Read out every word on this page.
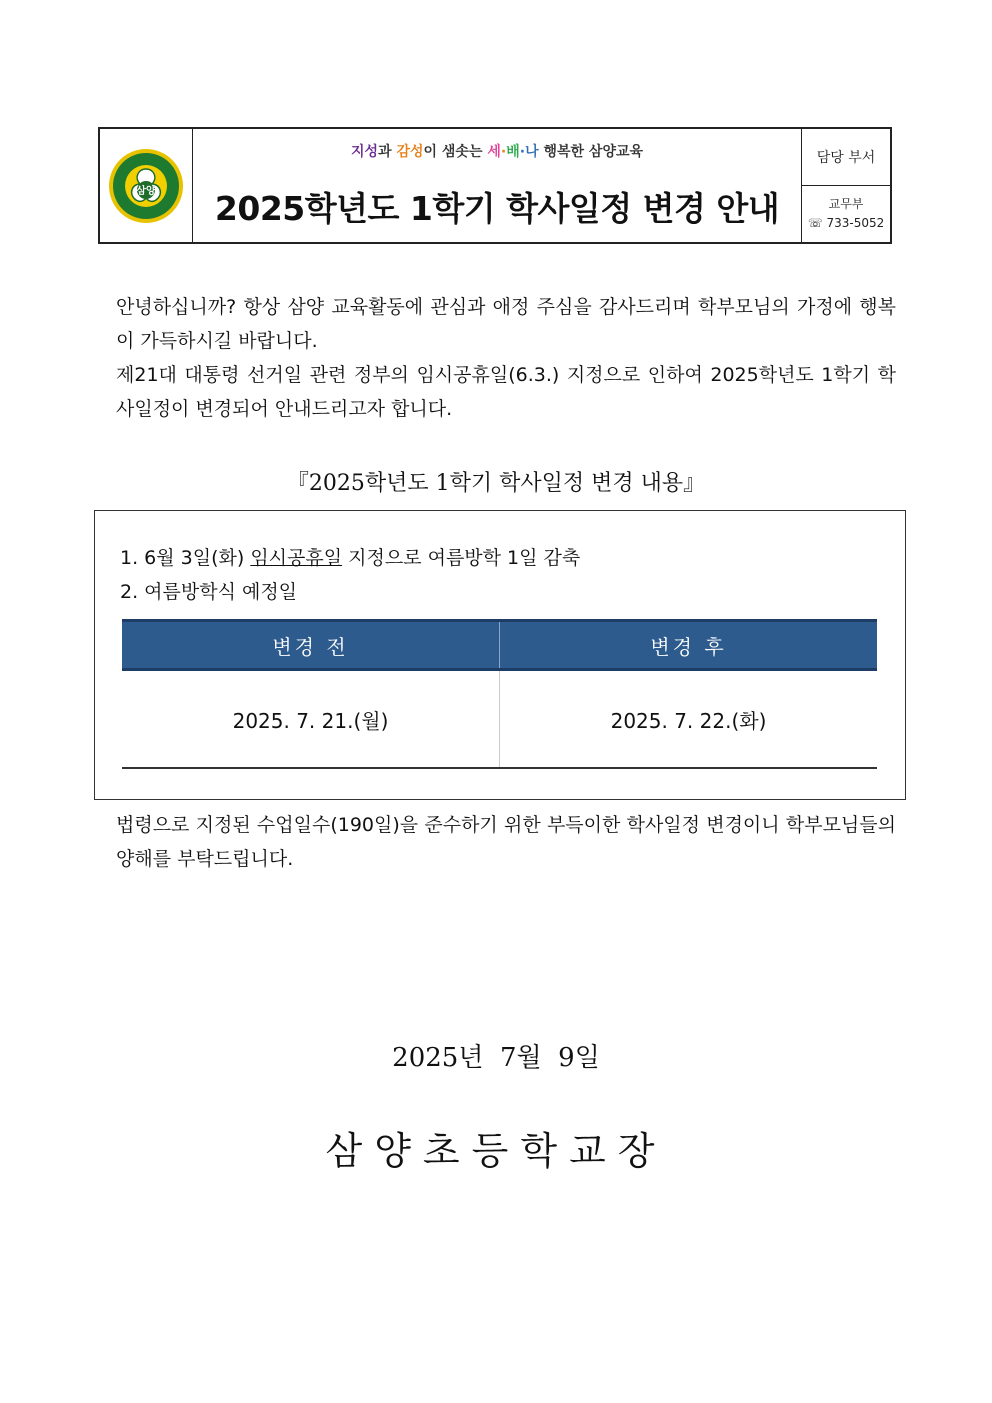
삼양
지성과 감성이 샘솟는 세·배·나 행복한 삼양교육
2025학년도 1학기 학사일정 변경 안내
담당 부서
교무부
☏ 733-5052
안녕하십니까? 항상 삼양 교육활동에 관심과 애정 주심을 감사드리며 학부모님의 가정에 행복이 가득하시길 바랍니다.
제21대 대통령 선거일 관련 정부의 임시공휴일(6.3.) 지정으로 인하여 2025학년도 1학기 학사일정이 변경되어 안내드리고자 합니다.
『2025학년도 1학기 학사일정 변경 내용』
1. 6월 3일(화) 임시공휴일 지정으로 여름방학 1일 감축
2. 여름방학식 예정일
변경 전	변경 후
2025. 7. 21.(월)	2025. 7. 22.(화)
법령으로 지정된 수업일수(190일)을 준수하기 위한 부득이한 학사일정 변경이니 학부모님들의 양해를 부탁드립니다.
2025년  7월  9일
삼양초등학교장
